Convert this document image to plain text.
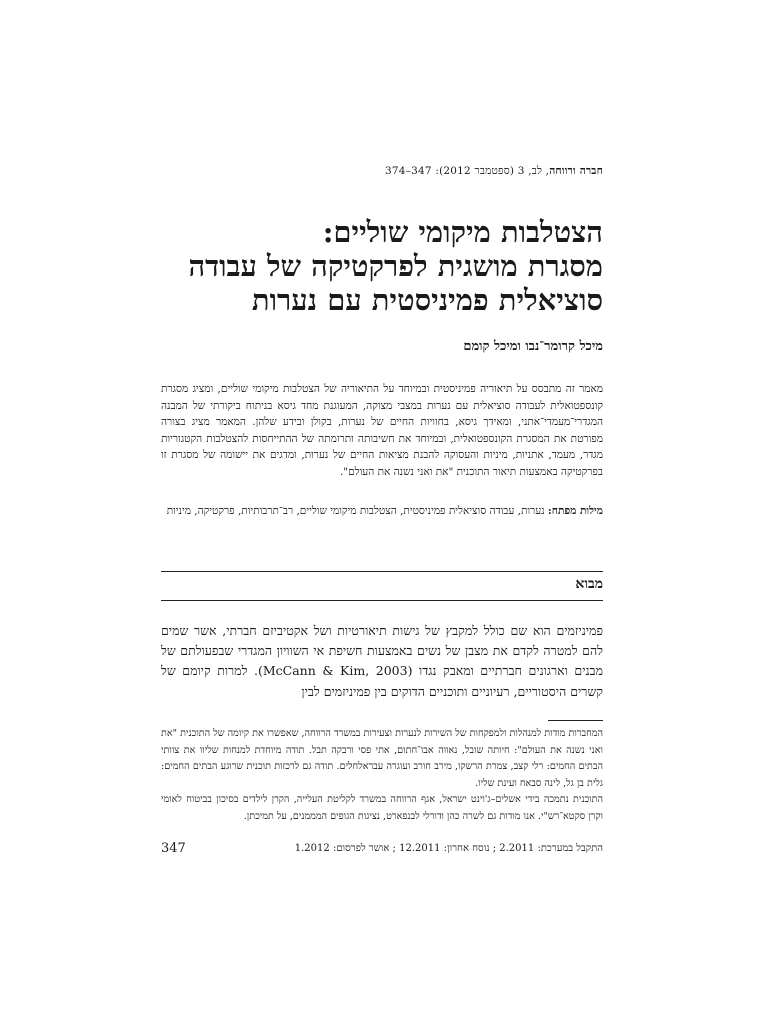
חברה ורווחה, לב, 3 (ספטמבר 2012): 347–374
הצטלבות מיקומי שוליים:
מסגרת מושגית לפרקטיקה של עבודה
סוציאלית פמיניסטית עם נערות
מיכל קרומר־נבו ומיכל קומם
מאמר זה מתבסס על תיאוריה פמיניסטית ובמיוחד על התיאוריה של הצטלבות מיקומי שוליים, ומציג מסגרת קונספטואלית לעבודה סוציאלית עם נערות במצבי מצוקה, המעוגנת מחד גיסא בניתוח ביקורתי של המבנה המגדרי־מעמדי־אתני, ומאידך גיסא, בחוויות החיים של נערות, בקולן ובידע שלהן. המאמר מציג בצורה מפורטת את המסגרת הקונספטואלית, ובמיוחד את חשיבותה ותרומתה של ההתייחסות להצטלבות הקטגוריות מגדר, מעמד, אתניות, מיניות והעסוקה להבנת מציאות החיים של נערות, ומדגים את יישומה של מסגרת זו בפרקטיקה באמצעות תיאור התוכנית "את ואני נשנה את העולם".
מילות מפתח: נערות, עבודה סוציאלית פמיניסטית, הצטלבות מיקומי שוליים, רב־תרבותיות, פרקטיקה, מיניות
מבוא
פמיניזמים הוא שם כולל למקבץ של גישות תיאורטיות ושל אקטיביזם חברתי, אשר שמים להם למטרה לקדם את מצבן של נשים באמצעות חשיפת אי השוויון המגדרי שבפעולתם של מבנים וארגונים חברתיים ומאבק נגדו (McCann & Kim, 2003). למרות קיומם של קשרים היסטוריים, רעיוניים ותוכניים הדוקים בין פמיניזמים לבין

המחברות מודות למנהלות ולמפקחות של השירות לנערות וצעירות במשרד הרווחה, שאפשרו את קיומה של התוכנית "את ואני נשנה את העולם": חיותה שובל, נאווה אבו־חתום, אתי פסי ורבקה תבל. תודה מיוחדת למנחות שליוו את צוותי הבתים החמים: רלי קצב, צמרת הרשקו, מירב חורב ועוגרה עבראלחלים. תודה גם לרכזות תוכנית שרוגע הבתים החמים: גלית בן גל, לינה סבאח ועינת שליו.

התוכנית נתמכה בידי אשלים–ג'וינט ישראל, אגף הרווחה במשרד לקליטת העלייה, הקרן לילדים בסיכון בביטוח לאומי וקרן סקטא־רש"י. אנו מודות גם לשרה כהן ודורלי לבנפארט, נציגות הגופים המממנים, על תמיכתן.

התקבל במערכת: 2.2011 ; נוסח אחרון: 12.2011 ; אושר לפרסום: 1.2012
347
